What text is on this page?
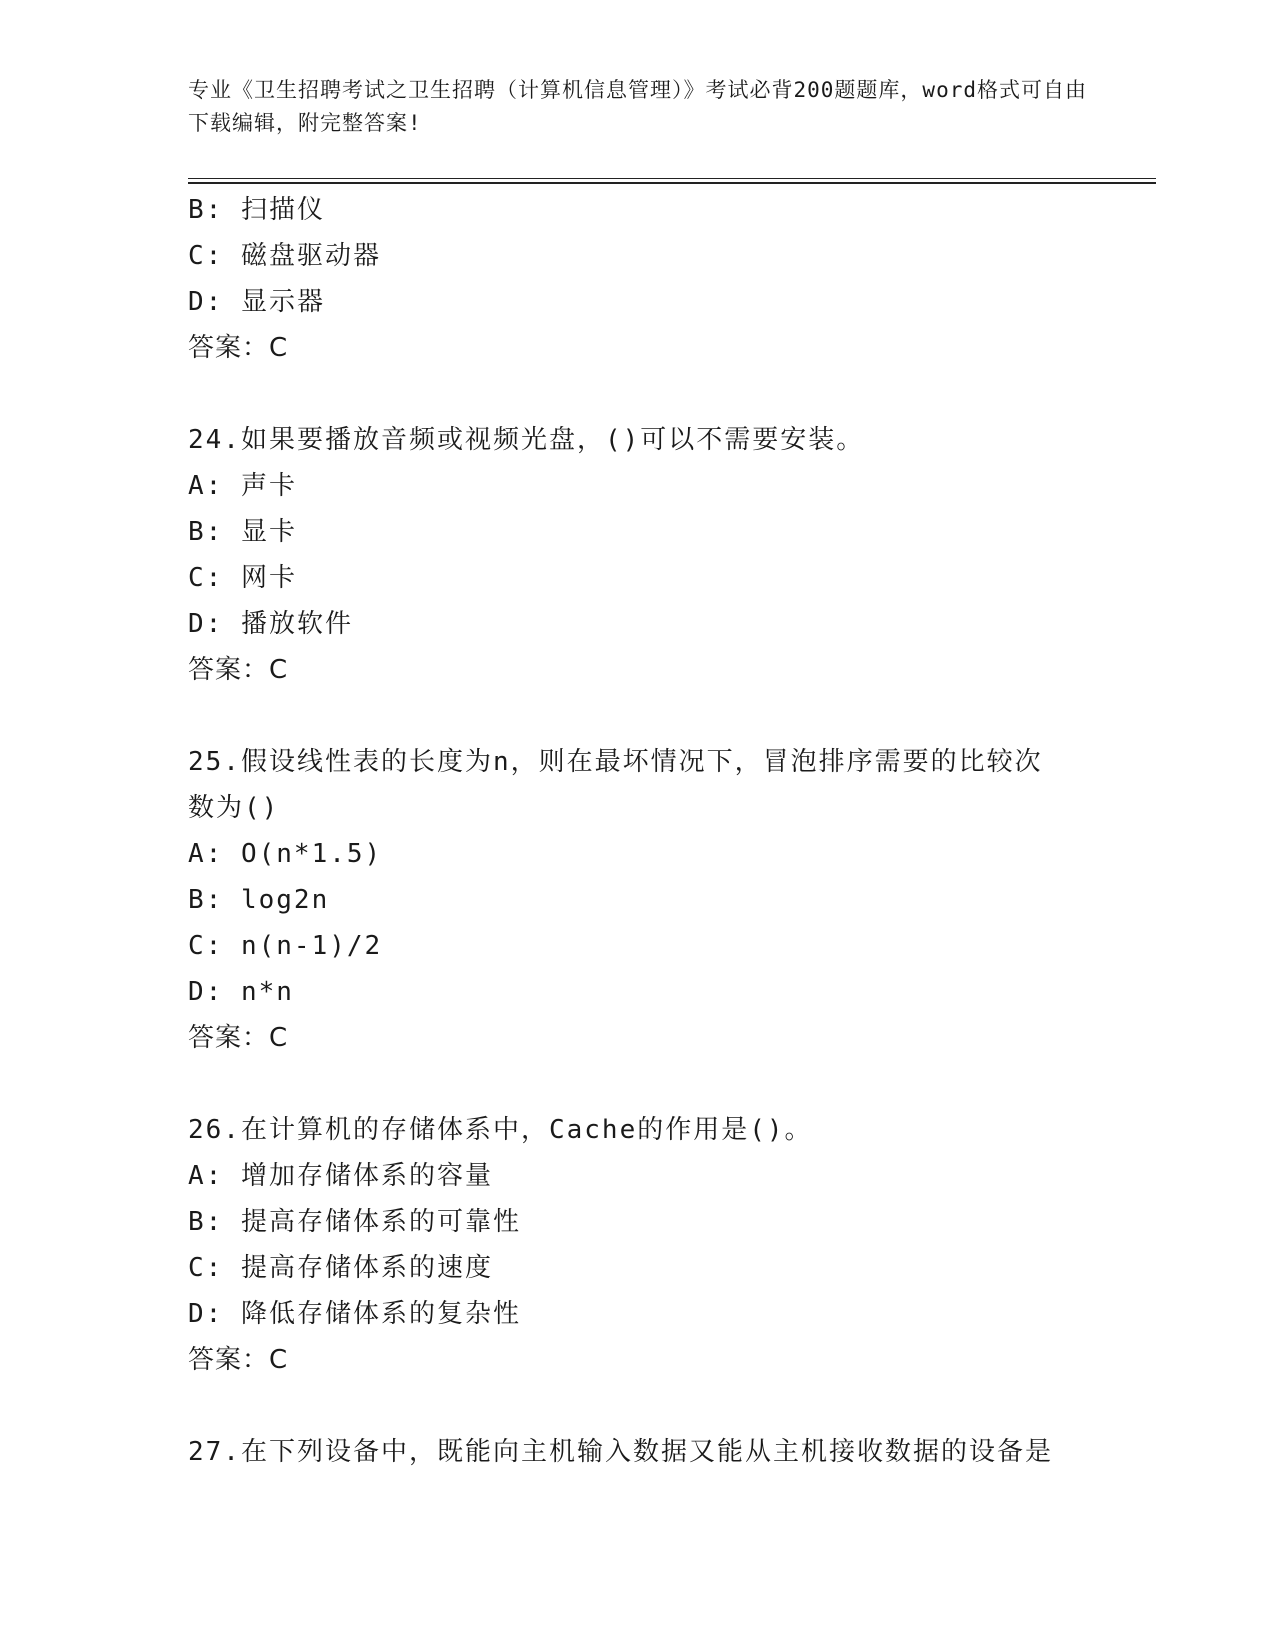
专业《卫生招聘考试之卫生招聘（计算机信息管理）》考试必背200题题库，word格式可自由下载编辑，附完整答案!
B: 扫描仪
C: 磁盘驱动器
D: 显示器
答案：C
24.如果要播放音频或视频光盘，()可以不需要安装。
A: 声卡
B: 显卡
C: 网卡
D: 播放软件
答案：C
25.假设线性表的长度为n，则在最坏情况下，冒泡排序需要的比较次
数为()
A: O(n*1.5)
B: log2n
C: n(n-1)/2
D: n*n
答案：C
26.在计算机的存储体系中，Cache的作用是()。
A: 增加存储体系的容量
B: 提高存储体系的可靠性
C: 提高存储体系的速度
D: 降低存储体系的复杂性
答案：C
27.在下列设备中，既能向主机输入数据又能从主机接收数据的设备是
